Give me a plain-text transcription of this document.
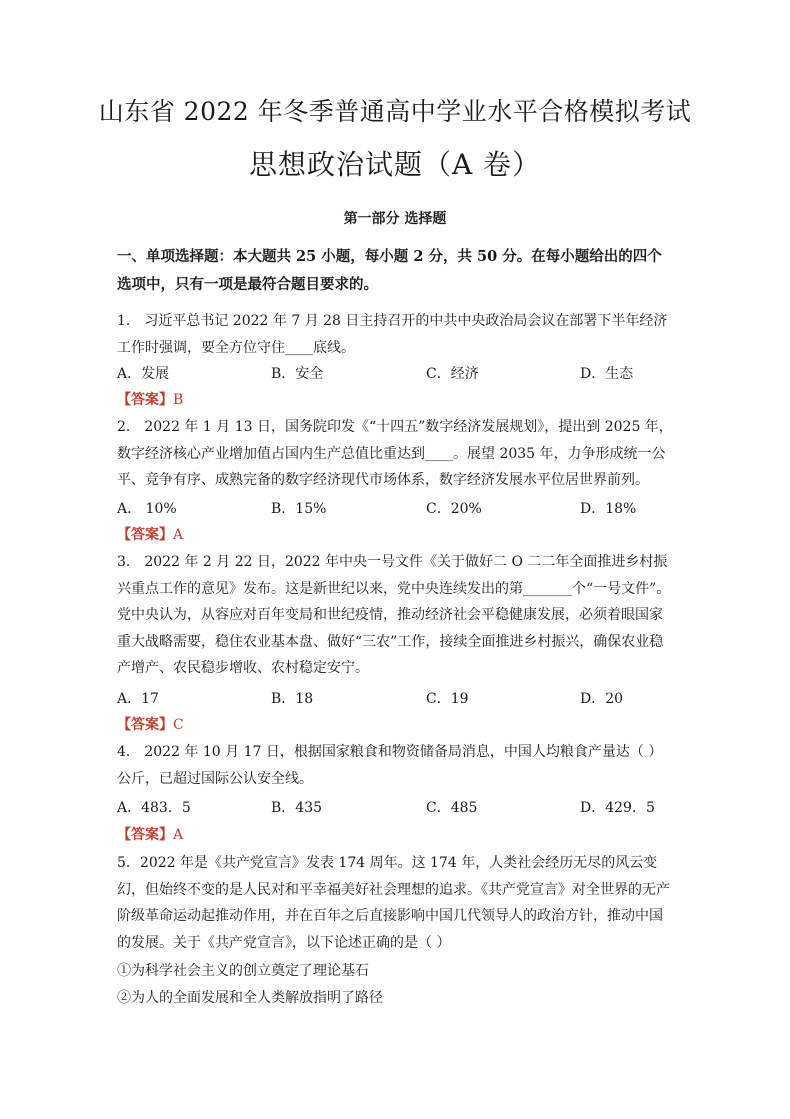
山东省 2022 年冬季普通高中学业水平合格模拟考试
思想政治试题（A 卷）
第一部分 选择题
一、单项选择题：本大题共 25 小题，每小题 2 分，共 50 分。在每小题给出的四个选项中，只有一项是最符合题目要求的。
1． 习近平总书记 2022 年 7 月 28 日主持召开的中共中央政治局会议在部署下半年经济工作时强调，要全方位守住____底线。
A．发展	B．安全	C．经济	D．生态
【答案】B
2． 2022 年 1 月 13 日，国务院印发《“十四五”数字经济发展规划》，提出到 2025 年，数字经济核心产业增加值占国内生产总值比重达到____。展望 2035 年，力争形成统一公平、竞争有序、成熟完备的数字经济现代市场体系，数字经济发展水平位居世界前列。
A． 10%	B．15%	C．20%	D．18%
【答案】A
3． 2022 年 2 月 22 日，2022 年中央一号文件《关于做好二 O 二二年全面推进乡村振兴重点工作的意见》发布。这是新世纪以来，党中央连续发出的第_______个“一号文件”。党中央认为，从容应对百年变局和世纪疫情，推动经济社会平稳健康发展，必须着眼国家重大战略需要，稳住农业基本盘、做好“三农”工作，接续全面推进乡村振兴，确保农业稳产增产、农民稳步增收、农村稳定安宁。
A．17	B．18	C．19	D．20
【答案】C
4． 2022 年 10 月 17 日，根据国家粮食和物资储备局消息，中国人均粮食产量达（ ）公斤，已超过国际公认安全线。
A．483．5	B．435	C．485	D．429．5
【答案】A
5．2022 年是《共产党宣言》发表 174 周年。这 174 年，人类社会经历无尽的风云变幻，但始终不变的是人民对和平幸福美好社会理想的追求。《共产党宣言》对全世界的无产阶级革命运动起推动作用，并在百年之后直接影响中国几代领导人的政治方针，推动中国的发展。关于《共产党宣言》，以下论述正确的是（ ）
①为科学社会主义的创立奠定了理论基石
②为人的全面发展和全人类解放指明了路径
